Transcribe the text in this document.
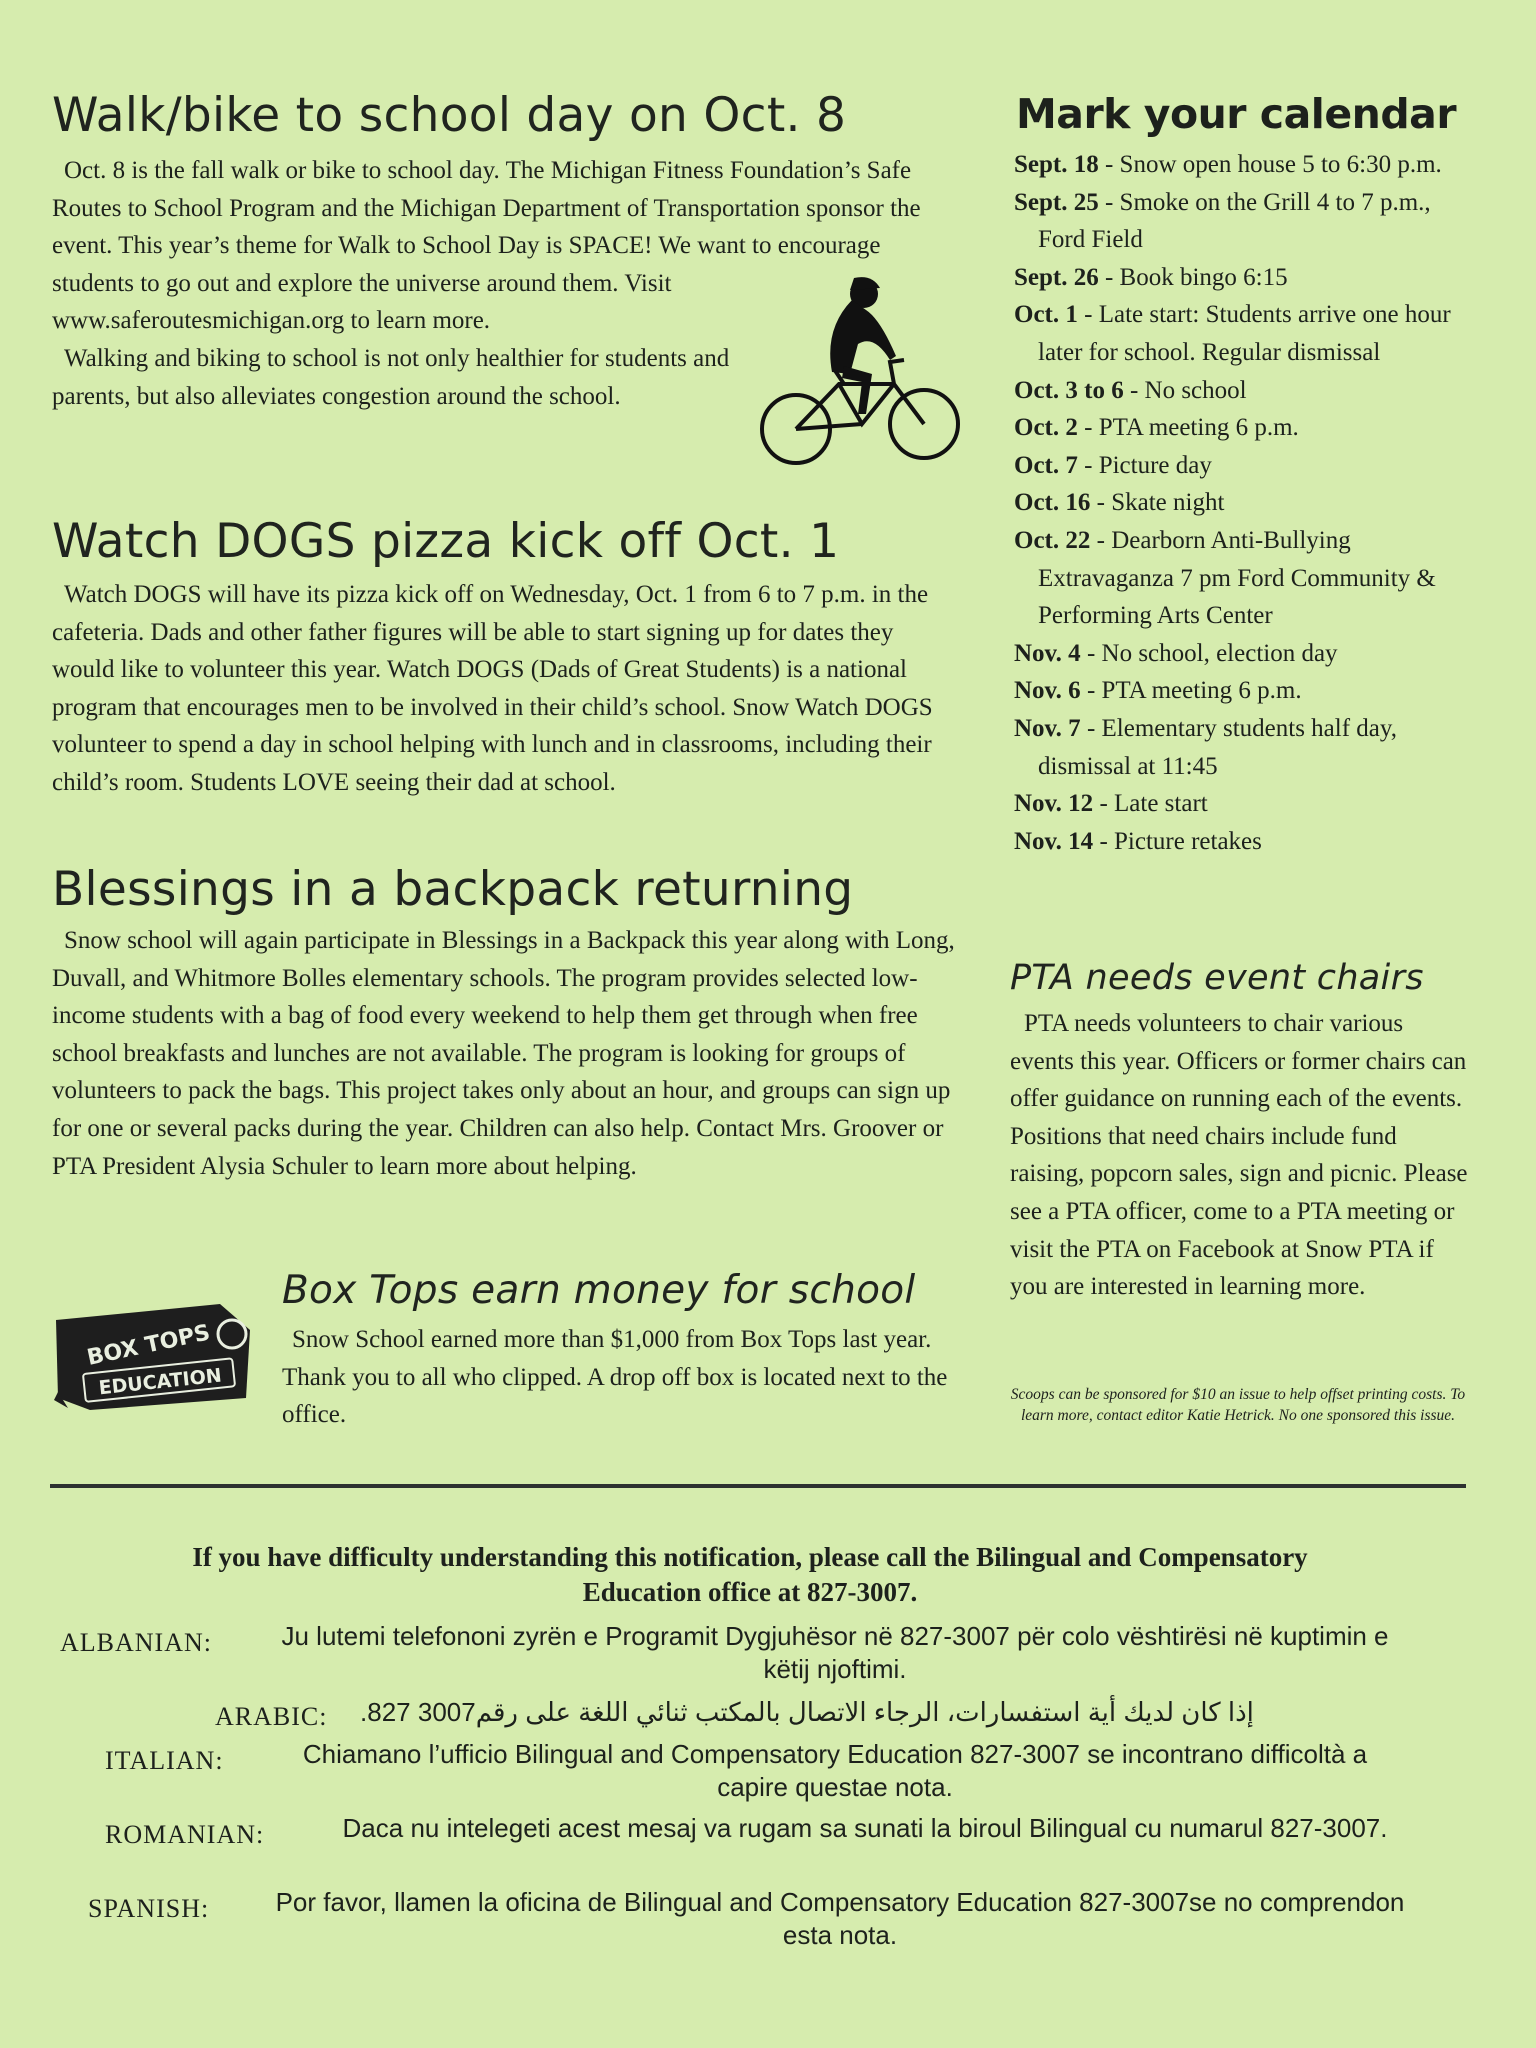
Walk/bike to school day on Oct. 8

Oct. 8 is the fall walk or bike to school day. The Michigan Fitness Foundation’s Safe Routes to School Program and the Michigan Department of Transportation sponsor the event. This year’s theme for Walk to School Day is SPACE! We want to encourage students to go out and explore the universe around them. Visit www.saferoutesmichigan.org to learn more.

Walking and biking to school is not only healthier for students and parents, but also alleviates congestion around the school.

Watch DOGS pizza kick off Oct. 1

Watch DOGS will have its pizza kick off on Wednesday, Oct. 1 from 6 to 7 p.m. in the cafeteria. Dads and other father figures will be able to start signing up for dates they would like to volunteer this year. Watch DOGS (Dads of Great Students) is a national program that encourages men to be involved in their child’s school. Snow Watch DOGS volunteer to spend a day in school helping with lunch and in classrooms, including their child’s room. Students LOVE seeing their dad at school.

Blessings in a backpack returning

Snow school will again participate in Blessings in a Backpack this year along with Long, Duvall, and Whitmore Bolles elementary schools. The program provides selected low-income students with a bag of food every weekend to help them get through when free school breakfasts and lunches are not available. The program is looking for groups of volunteers to pack the bags. This project takes only about an hour, and groups can sign up for one or several packs during the year. Children can also help. Contact Mrs. Groover or PTA President Alysia Schuler to learn more about helping.

BOX TOPS
EDUCATION
Box Tops earn money for school

Snow School earned more than $1,000 from Box Tops last year. Thank you to all who clipped. A drop off box is located next to the office.

Mark your calendar
Sept. 18 - Snow open house 5 to 6:30 p.m.
Sept. 25 - Smoke on the Grill 4 to 7 p.m., Ford Field
Sept. 26 - Book bingo 6:15
Oct. 1 - Late start: Students arrive one hour later for school. Regular dismissal
Oct. 3 to 6 - No school
Oct. 2 - PTA meeting 6 p.m.
Oct. 7 - Picture day
Oct. 16 - Skate night
Oct. 22 - Dearborn Anti-Bullying Extravaganza 7 pm Ford Community & Performing Arts Center
Nov. 4 - No school, election day
Nov. 6 - PTA meeting 6 p.m.
Nov. 7 - Elementary students half day, dismissal at 11:45
Nov. 12 - Late start
Nov. 14 - Picture retakes
PTA needs event chairs

PTA needs volunteers to chair various events this year. Officers or former chairs can offer guidance on running each of the events. Positions that need chairs include fund raising, popcorn sales, sign and picnic. Please see a PTA officer, come to a PTA meeting or visit the PTA on Facebook at Snow PTA if you are interested in learning more.

Scoops can be sponsored for $10 an issue to help offset printing costs. To learn more, contact editor Katie Hetrick. No one sponsored this issue.

If you have difficulty understanding this notification, please call the Bilingual and Compensatory Education office at 827-3007.

ALBANIAN:	Ju lutemi telefononi zyrën e Programit Dygjuhësor në 827-3007 për colo vështirësi në kuptimin e këtij njoftimi.

ARABIC:	إذا كان لديك أية استفسارات، الرجاء الاتصال بالمكتب ثنائي اللغة على رقم3007 827.

ITALIAN:	Chiamano l’ufficio Bilingual and Compensatory Education 827-3007 se incontrano difficoltà a capire questae nota.

ROMANIAN:	Daca nu intelegeti acest mesaj va rugam sa sunati la biroul Bilingual cu numarul 827-3007.

SPANISH:	Por favor, llamen la oficina de Bilingual and Compensatory Education 827-3007se no comprendon esta nota.
